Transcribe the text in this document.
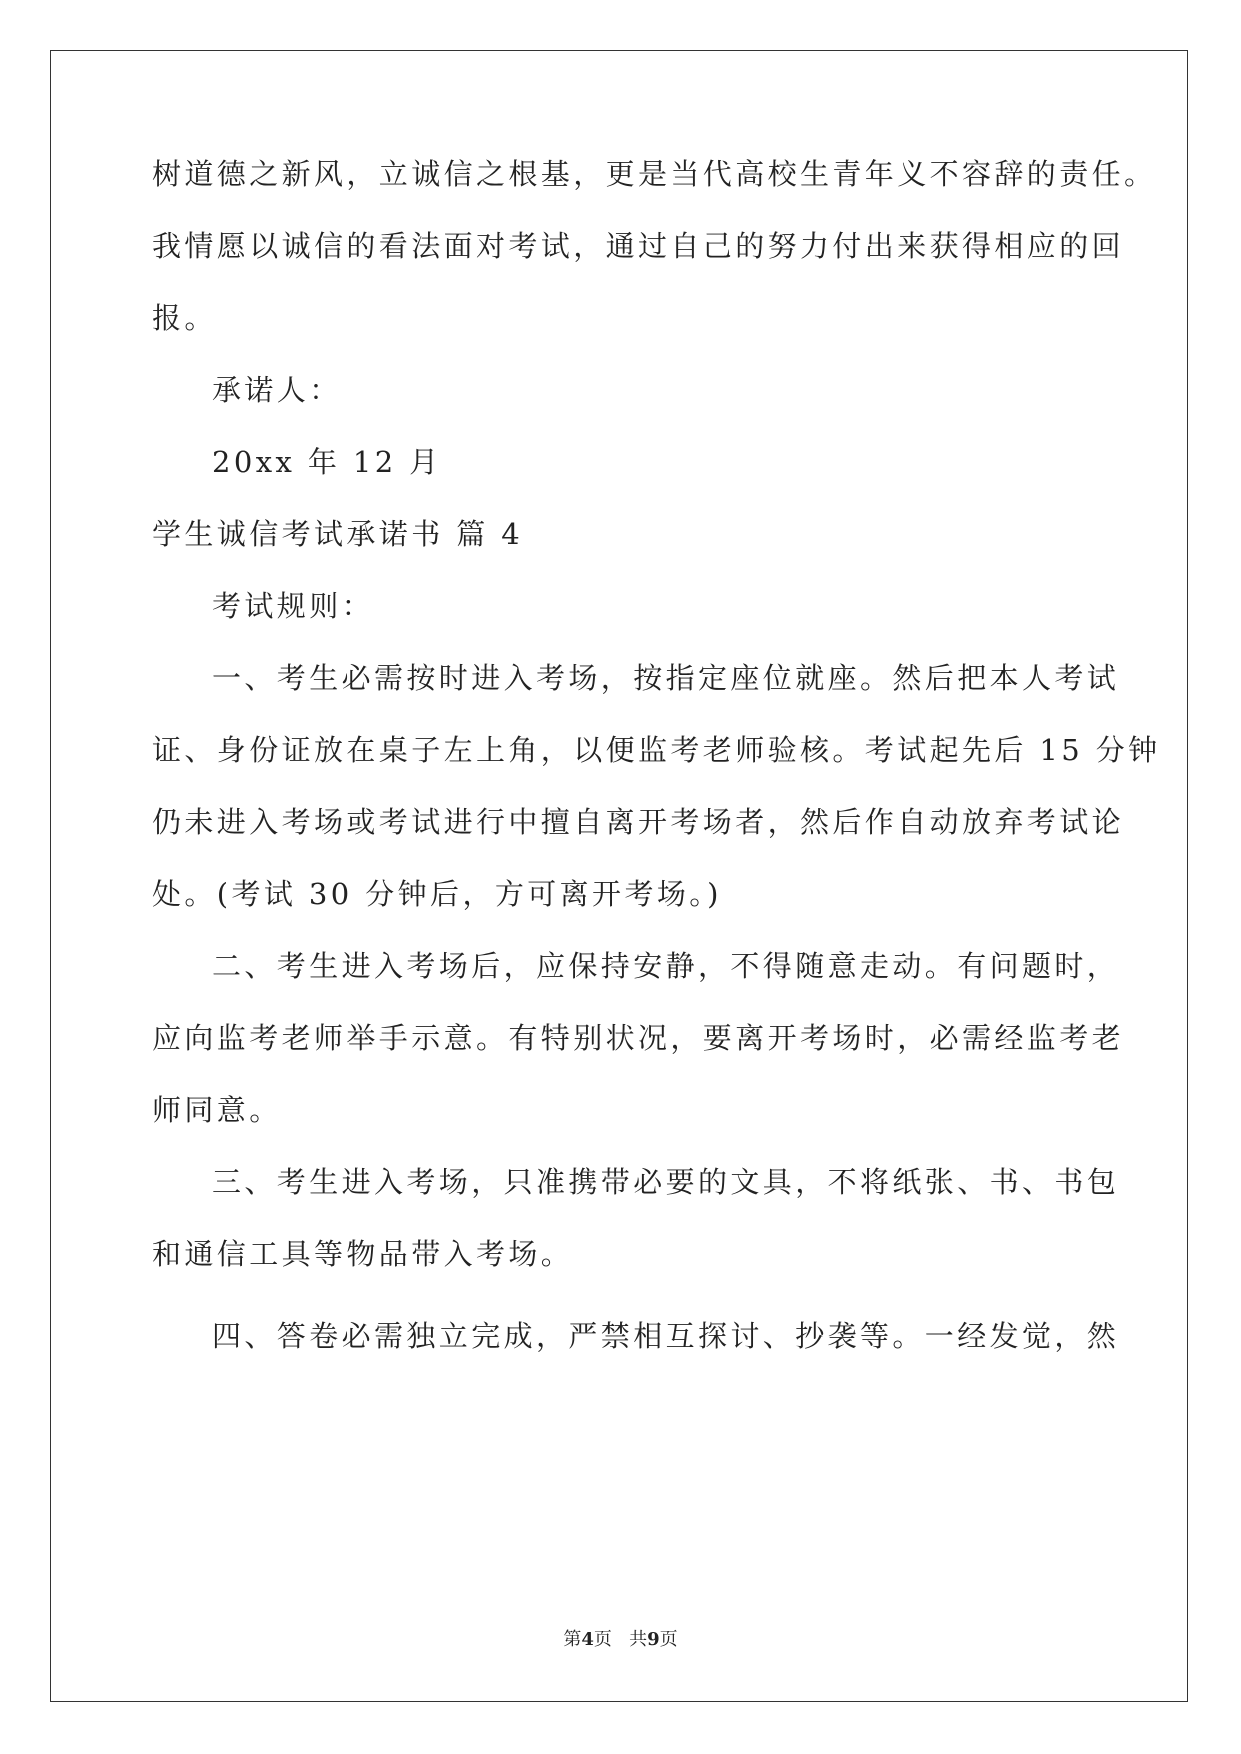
树道德之新风，立诚信之根基，更是当代高校生青年义不容辞的责任。
我情愿以诚信的看法面对考试，通过自己的努力付出来获得相应的回
报。
承诺人：
20xx 年 12 月
学生诚信考试承诺书 篇 4
考试规则：
一、考生必需按时进入考场，按指定座位就座。然后把本人考试
证、身份证放在桌子左上角，以便监考老师验核。考试起先后 15 分钟
仍未进入考场或考试进行中擅自离开考场者，然后作自动放弃考试论
处。(考试 30 分钟后，方可离开考场。)
二、考生进入考场后，应保持安静，不得随意走动。有问题时，
应向监考老师举手示意。有特别状况，要离开考场时，必需经监考老
师同意。
三、考生进入考场，只准携带必要的文具，不将纸张、书、书包
和通信工具等物品带入考场。
四、答卷必需独立完成，严禁相互探讨、抄袭等。一经发觉，然
第4页 共9页
